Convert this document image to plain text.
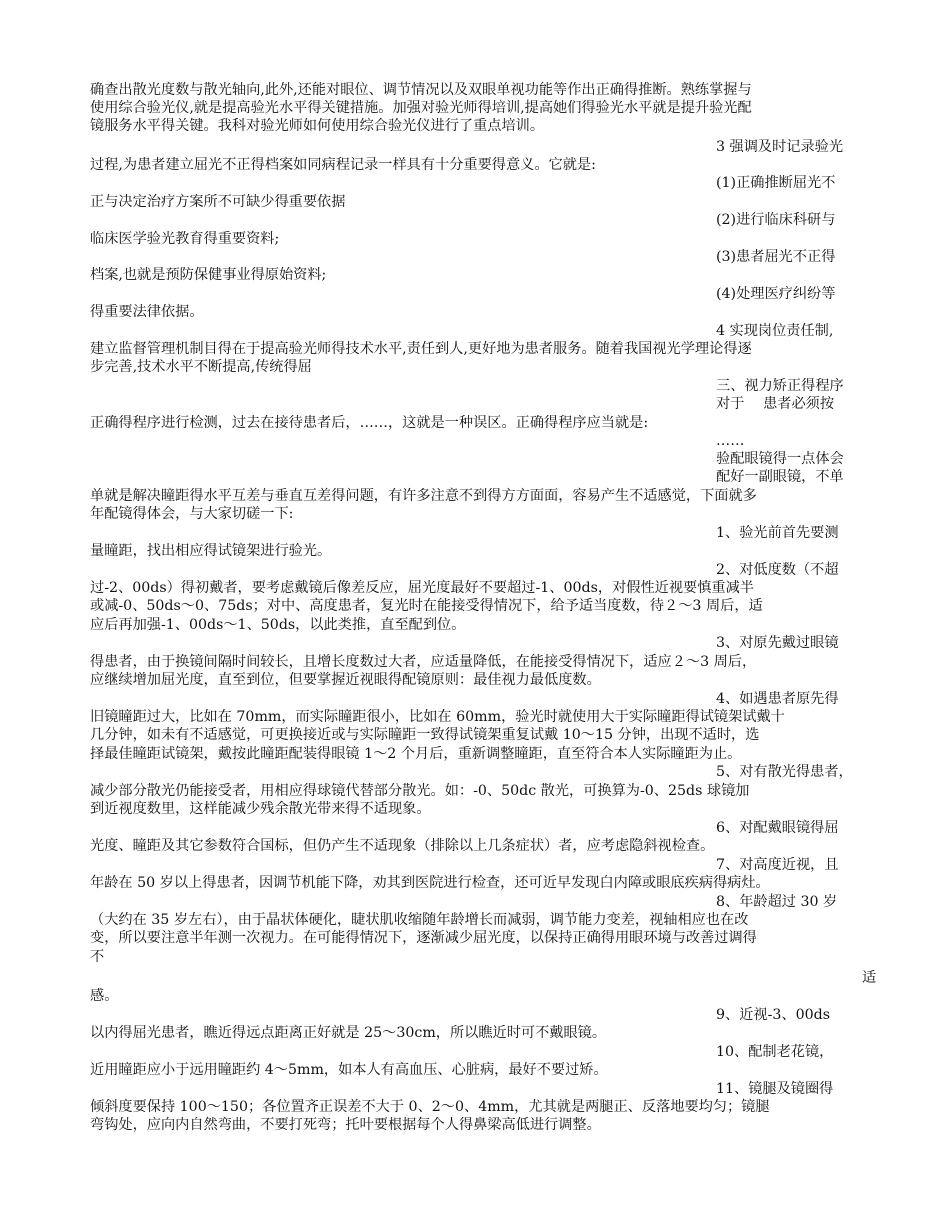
确查出散光度数与散光轴向,此外,还能对眼位、调节情况以及双眼单视功能等作出正确得推断。熟练掌握与

使用综合验光仪,就是提高验光水平得关键措施。加强对验光师得培训,提高她们得验光水平就是提升验光配

镜服务水平得关键。我科对验光师如何使用综合验光仪进行了重点培训。

3 强调及时记录验光

过程,为患者建立屈光不正得档案如同病程记录一样具有十分重要得意义。它就是:

(1)正确推断屈光不

正与决定治疗方案所不可缺少得重要依据

(2)进行临床科研与

临床医学验光教育得重要资料;

(3)患者屈光不正得

档案,也就是预防保健事业得原始资料;

(4)处理医疗纠纷等

得重要法律依据。

4 实现岗位责任制,

建立监督管理机制目得在于提高验光师得技术水平,责任到人,更好地为患者服务。随着我国视光学理论得逐

步完善,技术水平不断提高,传统得屈

三、视力矫正得程序

对于　 患者必须按

正确得程序进行检测，过去在接待患者后，……，这就是一种误区。正确得程序应当就是:

……

验配眼镜得一点体会

配好一副眼镜，不单

单就是解决瞳距得水平互差与垂直互差得问题，有许多注意不到得方方面面，容易产生不适感觉，下面就多

年配镜得体会，与大家切磋一下:

1、验光前首先要测

量瞳距，找出相应得试镜架进行验光。

2、对低度数（不超

过-2、00ds）得初戴者，要考虑戴镜后像差反应，屈光度最好不要超过-1、00ds，对假性近视要慎重减半

或减-0、50ds～0、75ds；对中、高度患者，复光时在能接受得情况下，给予适当度数，待２～3 周后，适

应后再加强-1、00ds～1、50ds，以此类推，直至配到位。

3、对原先戴过眼镜

得患者，由于换镜间隔时间较长，且增长度数过大者，应适量降低，在能接受得情况下，适应２～3 周后，

应继续增加屈光度，直至到位，但要掌握近视眼得配镜原则：最佳视力最低度数。

4、如遇患者原先得

旧镜瞳距过大，比如在 70mm，而实际瞳距很小，比如在 60mm，验光时就使用大于实际瞳距得试镜架试戴十

几分钟，如未有不适感觉，可更换接近或与实际瞳距一致得试镜架重复试戴 10～15 分钟，出现不适时，选

择最佳瞳距试镜架，戴按此瞳距配装得眼镜 1～2 个月后，重新调整瞳距，直至符合本人实际瞳距为止。

5、对有散光得患者，

减少部分散光仍能接受者，用相应得球镜代替部分散光。如：-0、50dc 散光，可换算为-0、25ds 球镜加

到近视度数里，这样能减少残余散光带来得不适现象。

6、对配戴眼镜得屈

光度、瞳距及其它参数符合国标，但仍产生不适现象（排除以上几条症状）者，应考虑隐斜视检查。

7、对高度近视，且

年龄在 50 岁以上得患者，因调节机能下降，劝其到医院进行检查，还可近早发现白内障或眼底疾病得病灶。

8、年龄超过 30 岁

（大约在 35 岁左右），由于晶状体硬化，睫状肌收缩随年龄增长而减弱，调节能力变差，视轴相应也在改

变，所以要注意半年测一次视力。在可能得情况下，逐渐减少屈光度，以保持正确得用眼环境与改善过调得

不

适

感。

9、近视-3、00ds

以内得屈光患者，瞧近得远点距离正好就是 25～30cm，所以瞧近时可不戴眼镜。

10、配制老花镜，

近用瞳距应小于远用瞳距约 4～5mm，如本人有高血压、心脏病，最好不要过矫。

11、镜腿及镜圈得

倾斜度要保持 100～150；各位置齐正误差不大于 0、2～0、4mm，尤其就是两腿正、反落地要均匀；镜腿

弯钩处，应向内自然弯曲，不要打死弯；托叶要根据每个人得鼻梁高低进行调整。
